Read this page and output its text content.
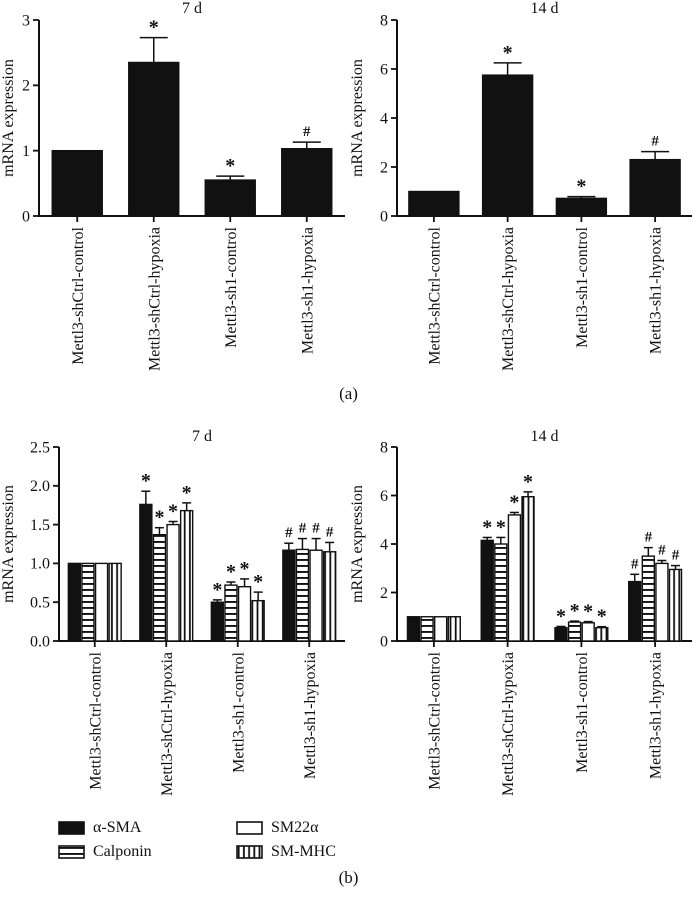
7 d
mRNA expression
0
1
2
3
Mettl3-shCtrl-control	Mettl3-shCtrl-hypoxia
*
Mettl3-sh1-control
*
Mettl3-sh1-hypoxia
#
14 d
mRNA expression
0
2
4
6
8
Mettl3-shCtrl-control	Mettl3-shCtrl-hypoxia
*
Mettl3-sh1-control
*
Mettl3-sh1-hypoxia
#
(a)
7 d
mRNA expression
0.0
0.5
1.0
1.5
2.0
2.5
Mettl3-shCtrl-control	Mettl3-shCtrl-hypoxia
*
* *
*
Mettl3-sh1-control
*
* *
*
Mettl3-sh1-hypoxia
# # # #
14 d
mRNA expression
0
2
4
6
8
Mettl3-shCtrl-control	Mettl3-shCtrl-hypoxia
* *
*
*
Mettl3-sh1-control
* * * *
Mettl3-sh1-hypoxia
#
#
# #
α-SMA
Calponin
SM22α
SM-MHC
(b)
